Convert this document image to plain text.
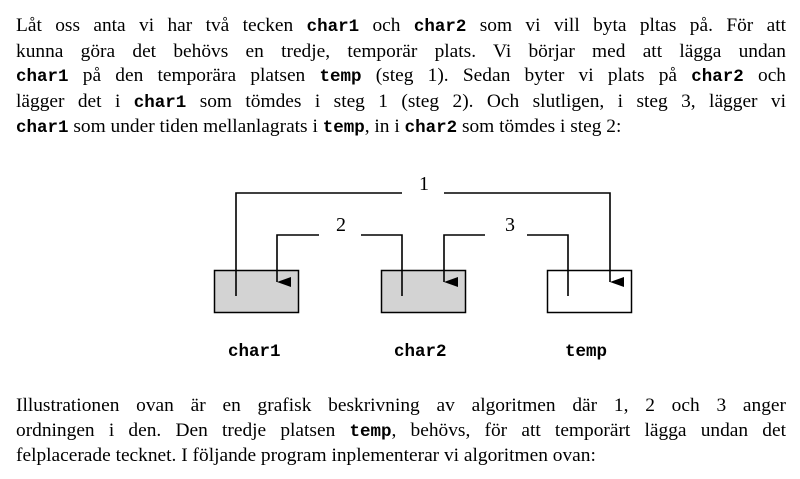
Låt oss anta vi har två tecken char1 och char2 som vi vill byta pltas på. För att
kunna göra det behövs en tredje, temporär plats. Vi börjar med att lägga undan
char1 på den temporära platsen temp (steg 1). Sedan byter vi plats på char2 och
lägger det i char1 som tömdes i steg 1 (steg 2). Och slutligen, i steg 3, lägger vi
char1 som under tiden mellanlagrats i temp, in i char2 som tömdes i steg 2:
1
2	3
char1	char2	temp
Illustrationen ovan är en grafisk beskrivning av algoritmen där 1, 2 och 3 anger
ordningen i den. Den tredje platsen temp, behövs, för att temporärt lägga undan det
felplacerade tecknet. I följande program inplementerar vi algoritmen ovan:
